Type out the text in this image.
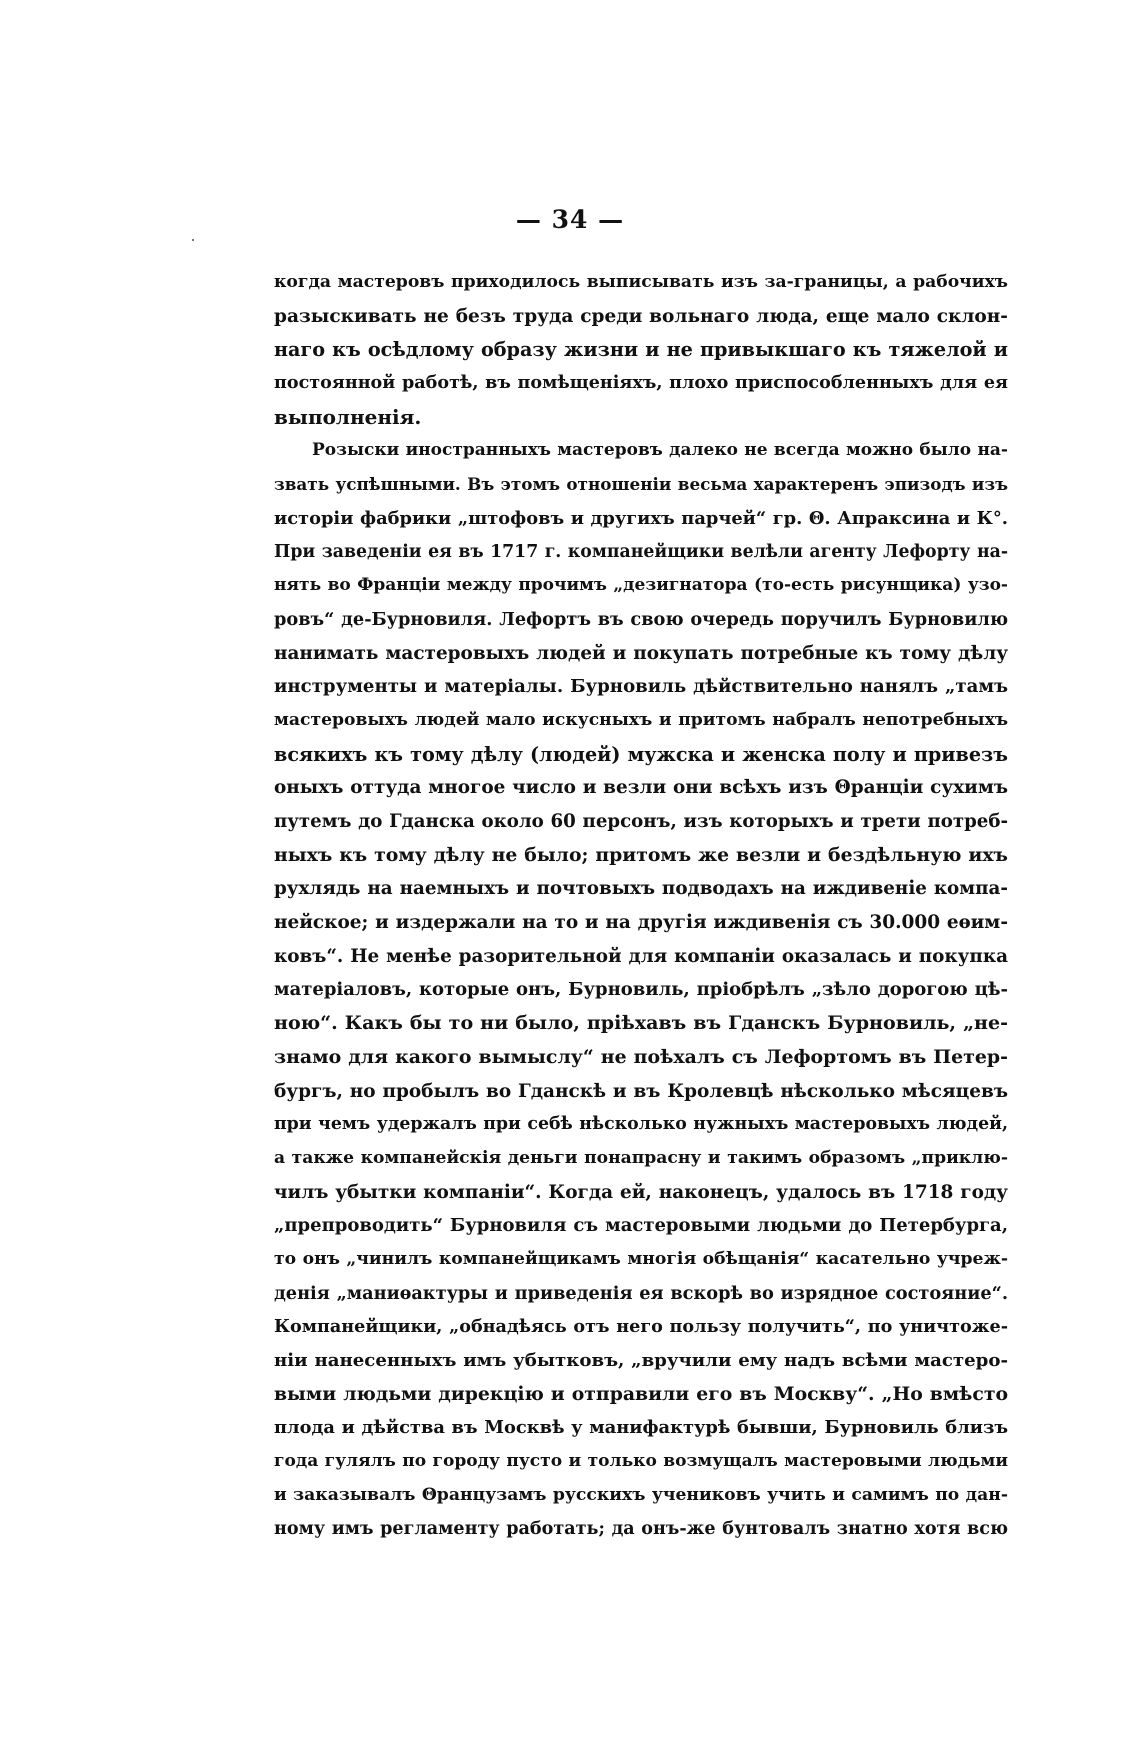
— 34 —
когда мастеровъ приходилось выписывать изъ за-границы, а рабочихъ
разыскивать не безъ труда среди вольнаго люда, еще мало склон-
наго къ осѣдлому образу жизни и не привыкшаго къ тяжелой и
постоянной работѣ, въ помѣщеніяхъ, плохо приспособленныхъ для ея
выполненія.
Розыски иностранныхъ мастеровъ далеко не всегда можно было на-
звать успѣшными. Въ этомъ отношеніи весьма характеренъ эпизодъ изъ
исторіи фабрики „штофовъ и другихъ парчей“ гр. Θ. Апраксина и К°.
При заведеніи ея въ 1717 г. компанейщики велѣли агенту Лефорту на-
нять во Франціи между прочимъ „дезигнатора (то-есть рисунщика) узо-
ровъ“ де-Бурновиля. Лефортъ въ свою очередь поручилъ Бурновилю
нанимать мастеровыхъ людей и покупать потребные къ тому дѣлу
инструменты и матеріалы. Бурновиль дѣйствительно нанялъ „тамъ
мастеровыхъ людей мало искусныхъ и притомъ набралъ непотребныхъ
всякихъ къ тому дѣлу (людей) мужска и женска полу и привезъ
оныхъ оттуда многое число и везли они всѣхъ изъ Θранціи сухимъ
путемъ до Гданска около 60 персонъ, изъ которыхъ и трети потреб-
ныхъ къ тому дѣлу не было; притомъ же везли и бездѣльную ихъ
рухлядь на наемныхъ и почтовыхъ подводахъ на иждивеніе компа-
нейское; и издержали на то и на другія иждивенія съ 30.000 еѳим-
ковъ“. Не менѣе разорительной для компаніи оказалась и покупка
матеріаловъ, которые онъ, Бурновиль, пріобрѣлъ „зѣло дорогою цѣ-
ною“. Какъ бы то ни было, пріѣхавъ въ Гданскъ Бурновиль, „не-
знамо для какого вымыслу“ не поѣхалъ съ Лефортомъ въ Петер-
бургъ, но пробылъ во Гданскѣ и въ Кролевцѣ нѣсколько мѣсяцевъ
при чемъ удержалъ при себѣ нѣсколько нужныхъ мастеровыхъ людей,
а также компанейскія деньги понапрасну и такимъ образомъ „приклю-
чилъ убытки компаніи“. Когда ей, наконецъ, удалось въ 1718 году
„препроводить“ Бурновиля съ мастеровыми людьми до Петербурга,
то онъ „чинилъ компанейщикамъ многія обѣщанія“ касательно учреж-
денія „маниѳактуры и приведенія ея вскорѣ во изрядное состояние“.
Компанейщики, „обнадѣясь отъ него пользу получить“, по уничтоже-
ніи нанесенныхъ имъ убытковъ, „вручили ему надъ всѣми мастеро-
выми людьми дирекцію и отправили его въ Москву“. „Но вмѣсто
плода и дѣйства въ Москвѣ у манифактурѣ бывши, Бурновиль близъ
года гулялъ по городу пусто и только возмущалъ мастеровыми людьми
и заказывалъ Θранцузамъ русскихъ учениковъ учить и самимъ по дан-
ному имъ регламенту работать; да онъ-же бунтовалъ знатно хотя всю
